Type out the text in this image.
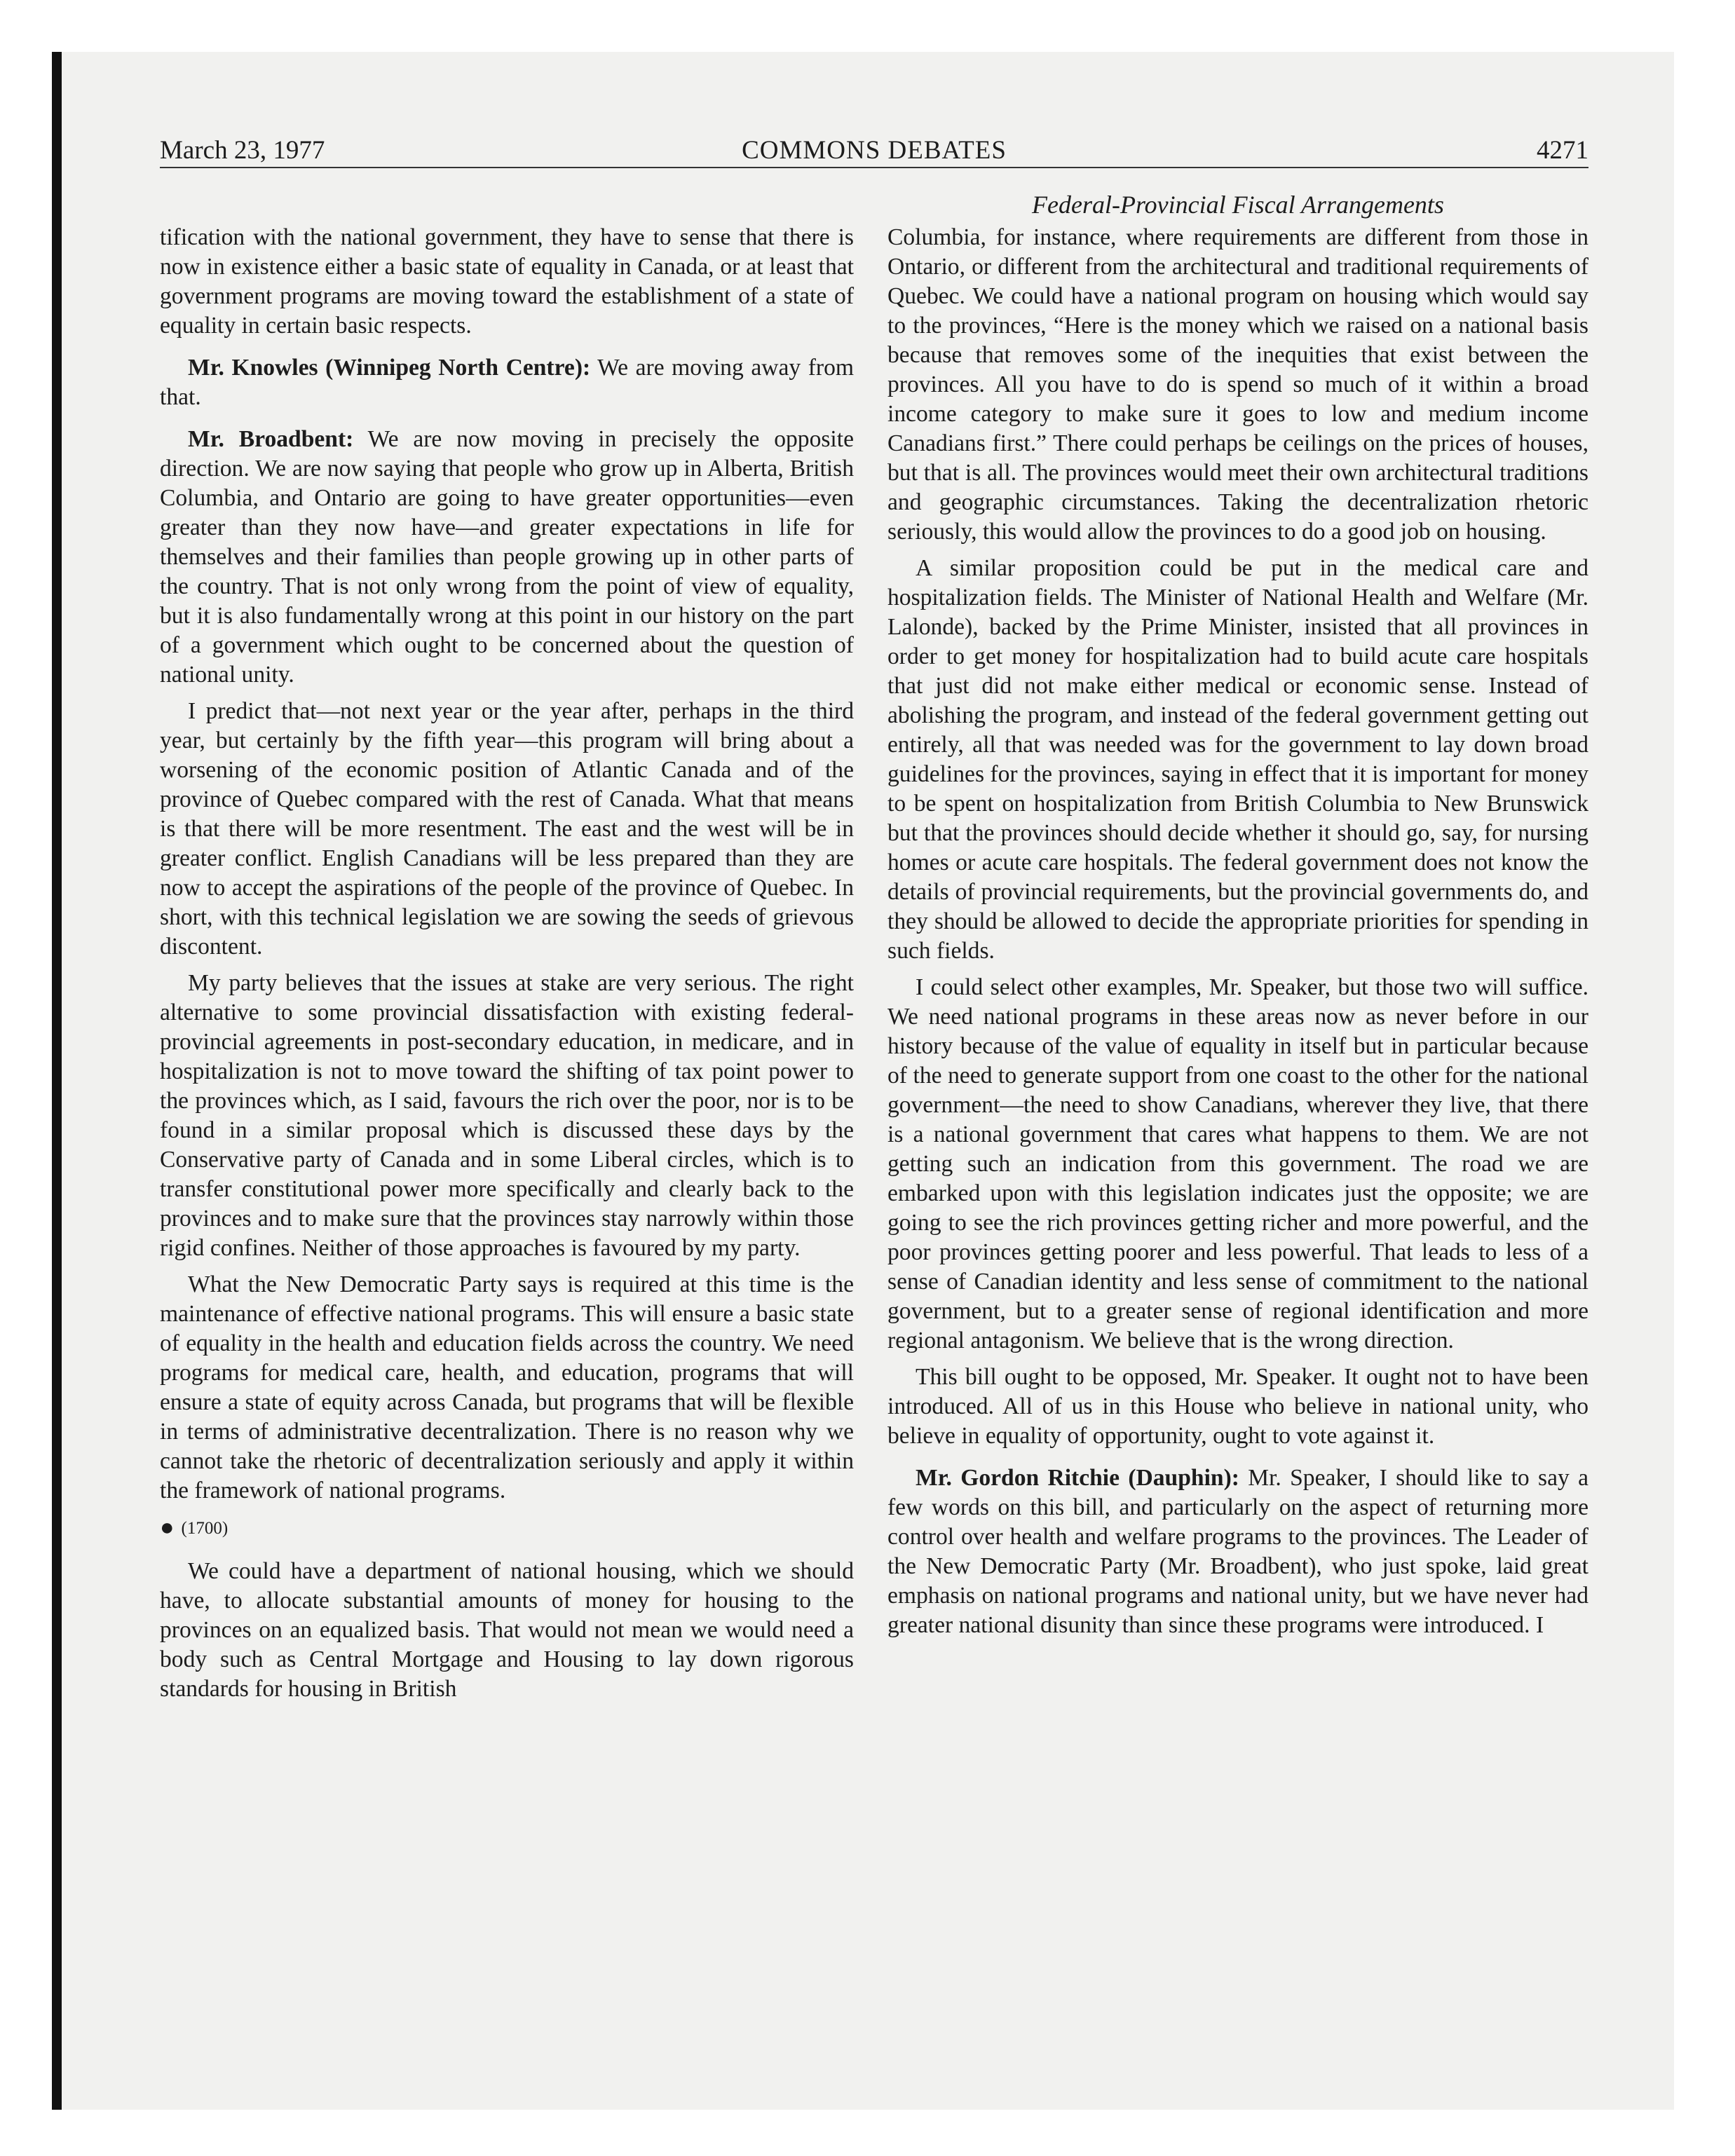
March 23, 1977	COMMONS DEBATES	4271
Federal-Provincial Fiscal Arrangements

tification with the national government, they have to sense that there is now in existence either a basic state of equality in Canada, or at least that government programs are moving toward the establishment of a state of equality in certain basic respects.

Mr. Knowles (Winnipeg North Centre): We are moving away from that.

Mr. Broadbent: We are now moving in precisely the opposite direction. We are now saying that people who grow up in Alberta, British Columbia, and Ontario are going to have greater opportunities—even greater than they now have—and greater expectations in life for themselves and their families than people growing up in other parts of the country. That is not only wrong from the point of view of equality, but it is also fundamentally wrong at this point in our history on the part of a government which ought to be concerned about the question of national unity.

I predict that—not next year or the year after, perhaps in the third year, but certainly by the fifth year—this program will bring about a worsening of the economic position of Atlantic Canada and of the province of Quebec compared with the rest of Canada. What that means is that there will be more resentment. The east and the west will be in greater conflict. English Canadians will be less prepared than they are now to accept the aspirations of the people of the province of Quebec. In short, with this technical legislation we are sowing the seeds of grievous discontent.

My party believes that the issues at stake are very serious. The right alternative to some provincial dissatisfaction with existing federal-provincial agreements in post-secondary education, in medicare, and in hospitalization is not to move toward the shifting of tax point power to the provinces which, as I said, favours the rich over the poor, nor is to be found in a similar proposal which is discussed these days by the Conservative party of Canada and in some Liberal circles, which is to transfer constitutional power more specifically and clearly back to the provinces and to make sure that the provinces stay narrowly within those rigid confines. Neither of those approaches is favoured by my party.

What the New Democratic Party says is required at this time is the maintenance of effective national programs. This will ensure a basic state of equality in the health and education fields across the country. We need programs for medical care, health, and education, programs that will ensure a state of equity across Canada, but programs that will be flexible in terms of administrative decentralization. There is no reason why we cannot take the rhetoric of decentralization seriously and apply it within the framework of national programs.

● (1700)

We could have a department of national housing, which we should have, to allocate substantial amounts of money for housing to the provinces on an equalized basis. That would not mean we would need a body such as Central Mortgage and Housing to lay down rigorous standards for housing in British

Columbia, for instance, where requirements are different from those in Ontario, or different from the architectural and traditional requirements of Quebec. We could have a national program on housing which would say to the provinces, “Here is the money which we raised on a national basis because that removes some of the inequities that exist between the provinces. All you have to do is spend so much of it within a broad income category to make sure it goes to low and medium income Canadians first.” There could perhaps be ceilings on the prices of houses, but that is all. The provinces would meet their own architectural traditions and geographic circumstances. Taking the decentralization rhetoric seriously, this would allow the provinces to do a good job on housing.

A similar proposition could be put in the medical care and hospitalization fields. The Minister of National Health and Welfare (Mr. Lalonde), backed by the Prime Minister, insisted that all provinces in order to get money for hospitalization had to build acute care hospitals that just did not make either medical or economic sense. Instead of abolishing the program, and instead of the federal government getting out entirely, all that was needed was for the government to lay down broad guidelines for the provinces, saying in effect that it is important for money to be spent on hospitalization from British Columbia to New Brunswick but that the provinces should decide whether it should go, say, for nursing homes or acute care hospitals. The federal government does not know the details of provincial requirements, but the provincial governments do, and they should be allowed to decide the appropriate priorities for spending in such fields.

I could select other examples, Mr. Speaker, but those two will suffice. We need national programs in these areas now as never before in our history because of the value of equality in itself but in particular because of the need to generate support from one coast to the other for the national government—the need to show Canadians, wherever they live, that there is a national government that cares what happens to them. We are not getting such an indication from this government. The road we are embarked upon with this legislation indicates just the opposite; we are going to see the rich provinces getting richer and more powerful, and the poor provinces getting poorer and less powerful. That leads to less of a sense of Canadian identity and less sense of commitment to the national government, but to a greater sense of regional identification and more regional antagonism. We believe that is the wrong direction.

This bill ought to be opposed, Mr. Speaker. It ought not to have been introduced. All of us in this House who believe in national unity, who believe in equality of opportunity, ought to vote against it.

Mr. Gordon Ritchie (Dauphin): Mr. Speaker, I should like to say a few words on this bill, and particularly on the aspect of returning more control over health and welfare programs to the provinces. The Leader of the New Democratic Party (Mr. Broadbent), who just spoke, laid great emphasis on national programs and national unity, but we have never had greater national disunity than since these programs were introduced. I
